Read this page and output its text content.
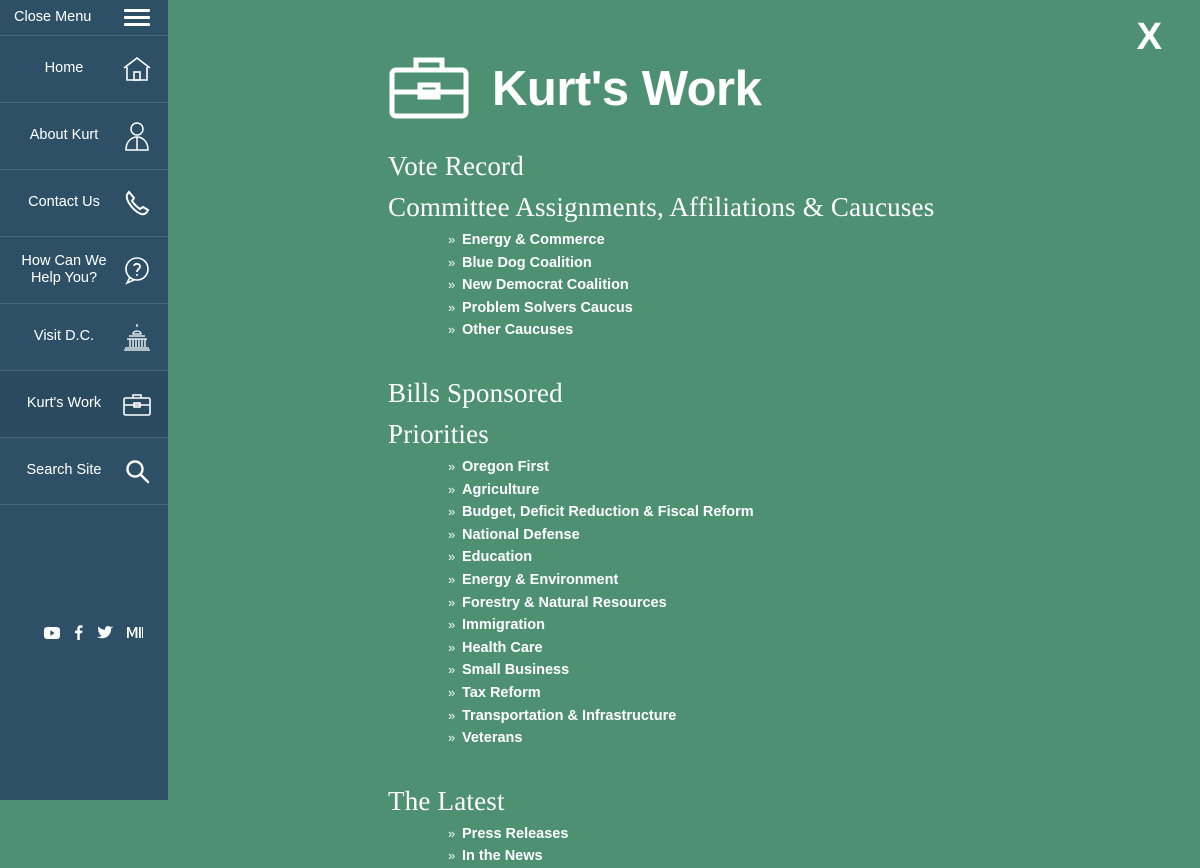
Close Menu
Home
About Kurt
Contact Us
How Can We Help You?
Visit D.C.
Kurt's Work
Search Site
X
Kurt's Work
Vote Record
Committee Assignments, Affiliations & Caucuses
» Energy & Commerce
» Blue Dog Coalition
» New Democrat Coalition
» Problem Solvers Caucus
» Other Caucuses
Bills Sponsored
Priorities
» Oregon First
» Agriculture
» Budget, Deficit Reduction & Fiscal Reform
» National Defense
» Education
» Energy & Environment
» Forestry & Natural Resources
» Immigration
» Health Care
» Small Business
» Tax Reform
» Transportation & Infrastructure
» Veterans
The Latest
» Press Releases
» In the News
